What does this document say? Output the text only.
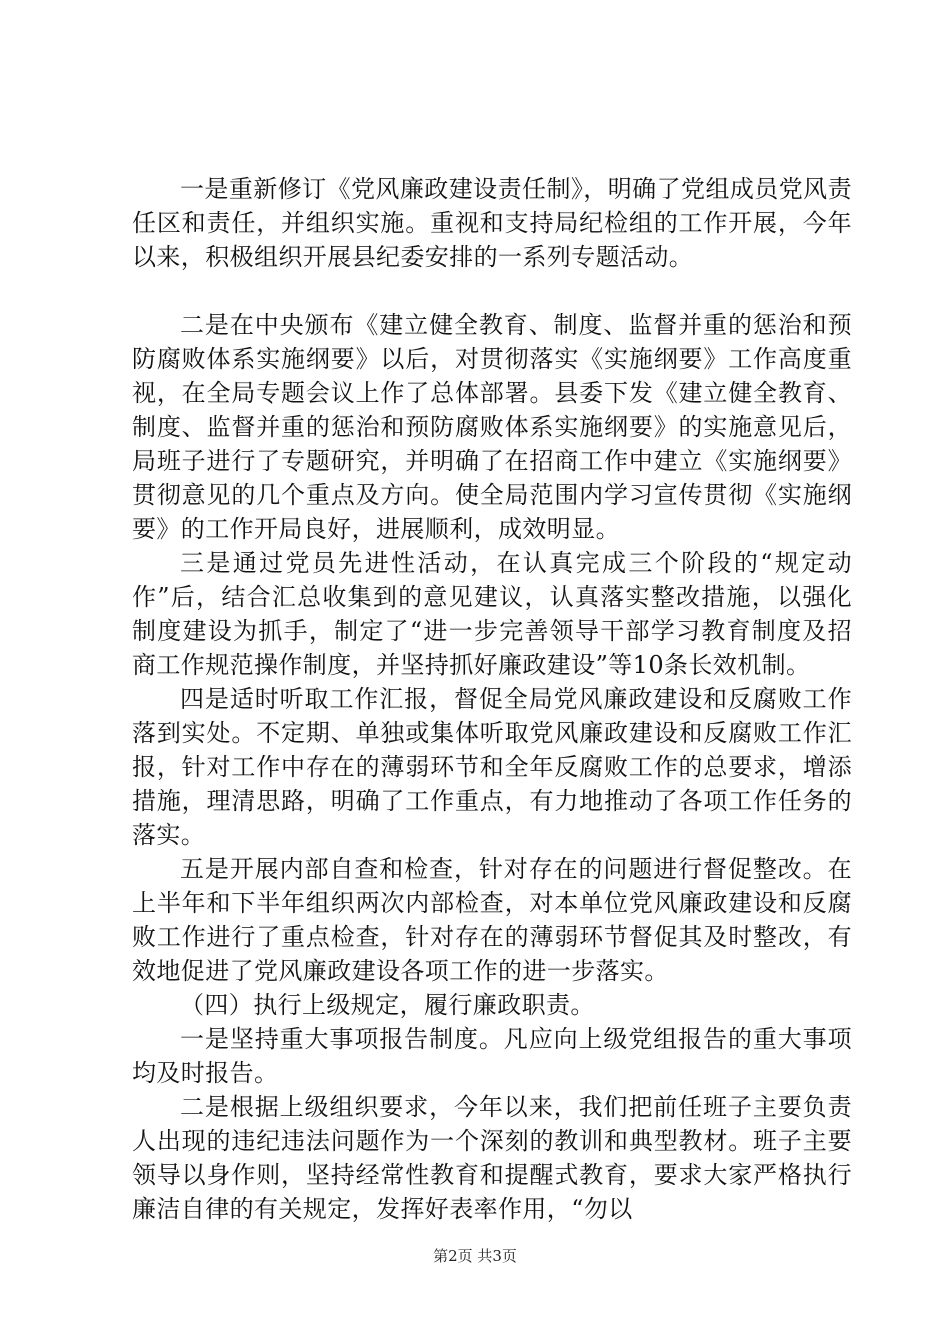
一是重新修订《党风廉政建设责任制》，明确了党组成员党风责任区和责任，并组织实施。重视和支持局纪检组的工作开展，今年以来，积极组织开展县纪委安排的一系列专题活动。

二是在中央颁布《建立健全教育、制度、监督并重的惩治和预防腐败体系实施纲要》以后，对贯彻落实《实施纲要》工作高度重视，在全局专题会议上作了总体部署。县委下发《建立健全教育、制度、监督并重的惩治和预防腐败体系实施纲要》的实施意见后，局班子进行了专题研究，并明确了在招商工作中建立《实施纲要》贯彻意见的几个重点及方向。使全局范围内学习宣传贯彻《实施纲要》的工作开局良好，进展顺利，成效明显。

三是通过党员先进性活动，在认真完成三个阶段的“规定动作”后，结合汇总收集到的意见建议，认真落实整改措施，以强化制度建设为抓手，制定了“进一步完善领导干部学习教育制度及招商工作规范操作制度，并坚持抓好廉政建设”等10条长效机制。

四是适时听取工作汇报，督促全局党风廉政建设和反腐败工作落到实处。不定期、单独或集体听取党风廉政建设和反腐败工作汇报，针对工作中存在的薄弱环节和全年反腐败工作的总要求，增添措施，理清思路，明确了工作重点，有力地推动了各项工作任务的落实。

五是开展内部自查和检查，针对存在的问题进行督促整改。在上半年和下半年组织两次内部检查，对本单位党风廉政建设和反腐败工作进行了重点检查，针对存在的薄弱环节督促其及时整改，有效地促进了党风廉政建设各项工作的进一步落实。

（四）执行上级规定，履行廉政职责。

一是坚持重大事项报告制度。凡应向上级党组报告的重大事项均及时报告。

二是根据上级组织要求，今年以来，我们把前任班子主要负责人出现的违纪违法问题作为一个深刻的教训和典型教材。班子主要领导以身作则，坚持经常性教育和提醒式教育，要求大家严格执行廉洁自律的有关规定，发挥好表率作用，“勿以

第2页 共3页
